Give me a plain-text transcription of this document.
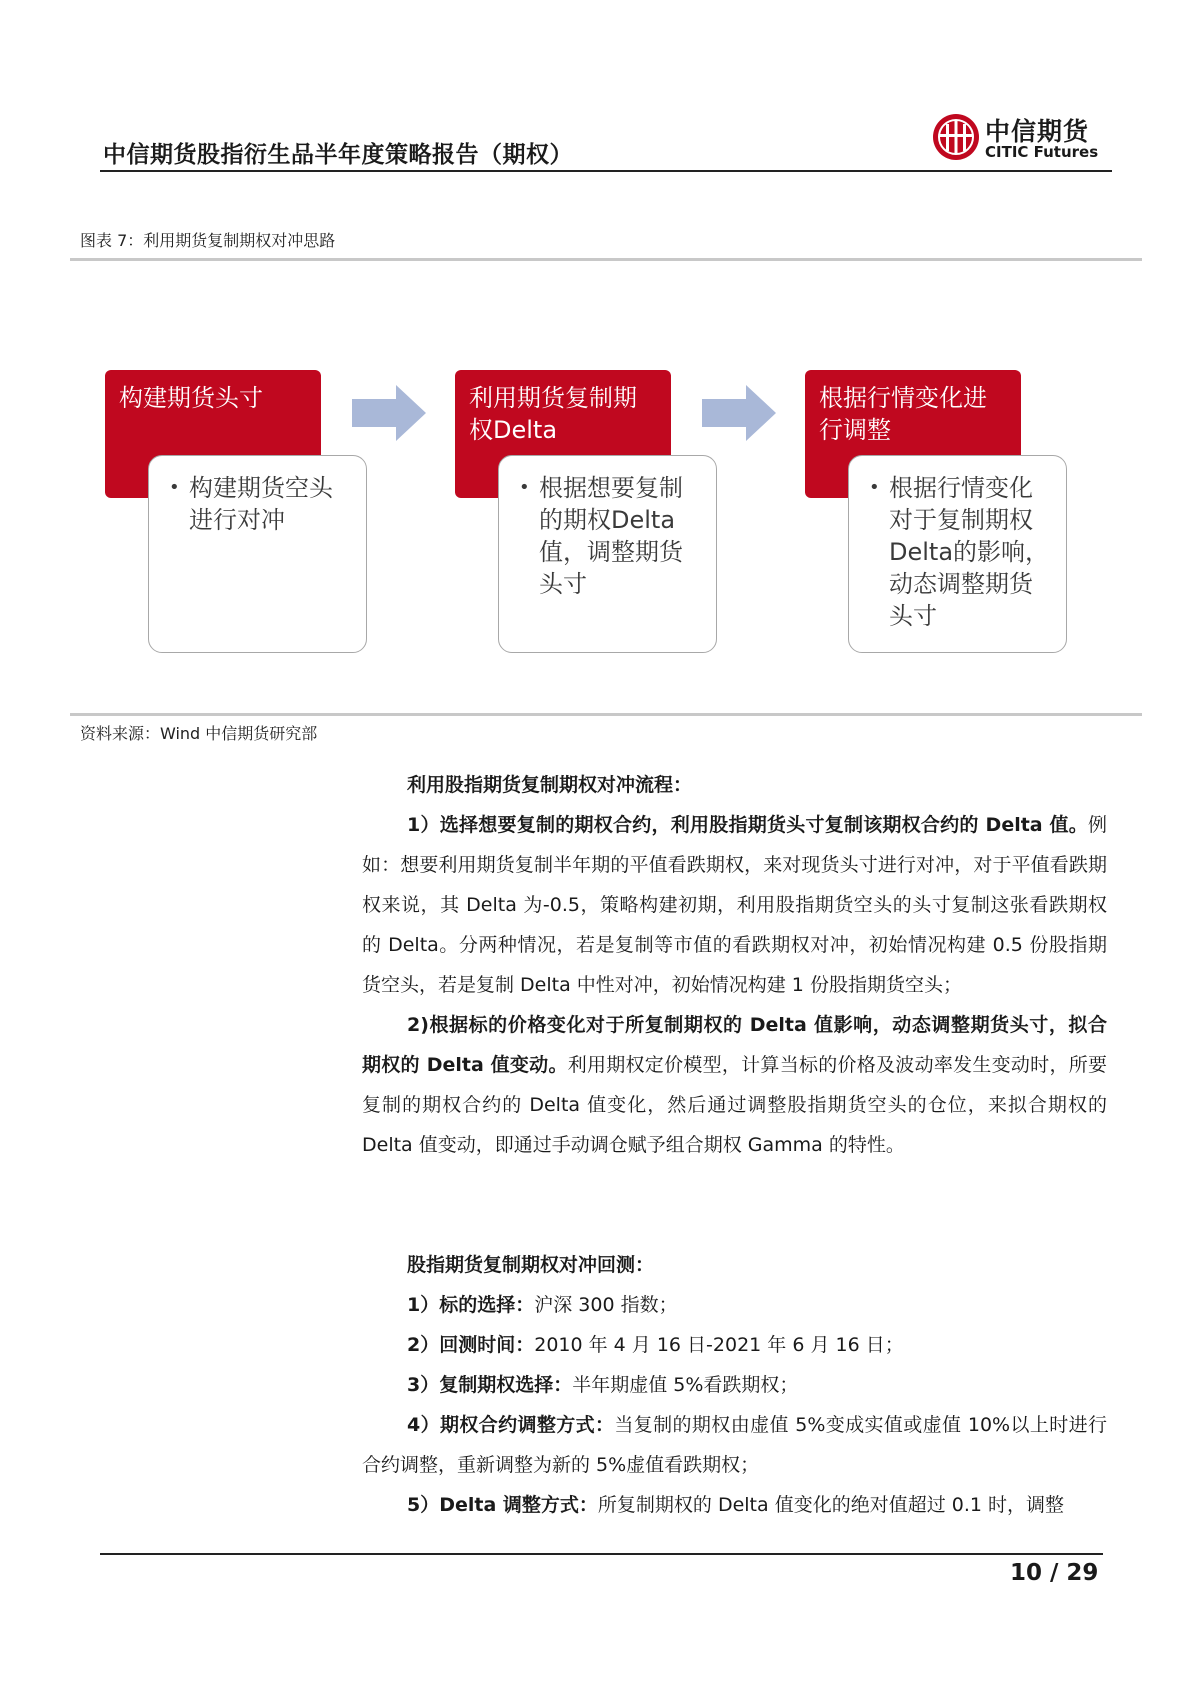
中信期货股指衍生品半年度策略报告（期权）
中信期货
CITIC Futures
图表 7：利用期货复制期权对冲思路
构建期货头寸
• 构建期货空头进行对冲
利用期货复制期权Delta
• 根据想要复制的期权Delta值，调整期货头寸
根据行情变化进行调整
• 根据行情变化对于复制期权Delta的影响，动态调整期货头寸
资料来源：Wind 中信期货研究部

利用股指期货复制期权对冲流程：

1）选择想要复制的期权合约，利用股指期货头寸复制该期权合约的 Delta 值。例如：想要利用期货复制半年期的平值看跌期权，来对现货头寸进行对冲，对于平值看跌期权来说，其 Delta 为-0.5，策略构建初期，利用股指期货空头的头寸复制这张看跌期权的 Delta。分两种情况，若是复制等市值的看跌期权对冲，初始情况构建 0.5 份股指期货空头，若是复制 Delta 中性对冲，初始情况构建 1 份股指期货空头；

2)根据标的价格变化对于所复制期权的 Delta 值影响，动态调整期货头寸，拟合期权的 Delta 值变动。利用期权定价模型，计算当标的价格及波动率发生变动时，所要复制的期权合约的 Delta 值变化，然后通过调整股指期货空头的仓位，来拟合期权的 Delta 值变动，即通过手动调仓赋予组合期权 Gamma 的特性。

股指期货复制期权对冲回测：

1）标的选择：沪深 300 指数；

2）回测时间：2010 年 4 月 16 日-2021 年 6 月 16 日；

3）复制期权选择：半年期虚值 5%看跌期权；

4）期权合约调整方式：当复制的期权由虚值 5%变成实值或虚值 10%以上时进行合约调整，重新调整为新的 5%虚值看跌期权；

5）Delta 调整方式：所复制期权的 Delta 值变化的绝对值超过 0.1 时，调整

10 / 29
